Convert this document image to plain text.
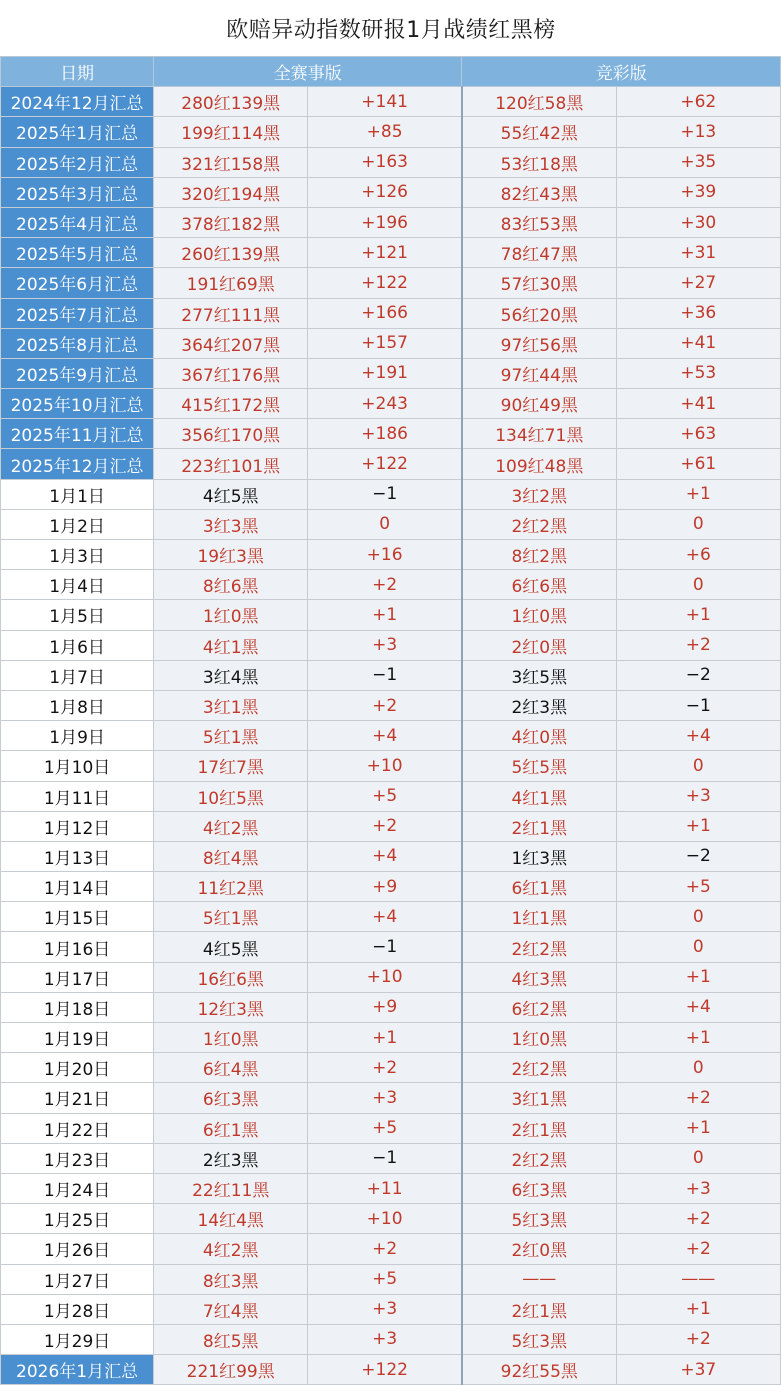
欧赔异动指数研报1月战绩红黑榜
日期	全赛事版		竞彩版	
2024年12月汇总	280红139黑	+141	120红58黑	+62
2025年1月汇总	199红114黑	+85	55红42黑	+13
2025年2月汇总	321红158黑	+163	53红18黑	+35
2025年3月汇总	320红194黑	+126	82红43黑	+39
2025年4月汇总	378红182黑	+196	83红53黑	+30
2025年5月汇总	260红139黑	+121	78红47黑	+31
2025年6月汇总	191红69黑	+122	57红30黑	+27
2025年7月汇总	277红111黑	+166	56红20黑	+36
2025年8月汇总	364红207黑	+157	97红56黑	+41
2025年9月汇总	367红176黑	+191	97红44黑	+53
2025年10月汇总	415红172黑	+243	90红49黑	+41
2025年11月汇总	356红170黑	+186	134红71黑	+63
2025年12月汇总	223红101黑	+122	109红48黑	+61
1月1日	4红5黑	−1	3红2黑	+1
1月2日	3红3黑	0	2红2黑	0
1月3日	19红3黑	+16	8红2黑	+6
1月4日	8红6黑	+2	6红6黑	0
1月5日	1红0黑	+1	1红0黑	+1
1月6日	4红1黑	+3	2红0黑	+2
1月7日	3红4黑	−1	3红5黑	−2
1月8日	3红1黑	+2	2红3黑	−1
1月9日	5红1黑	+4	4红0黑	+4
1月10日	17红7黑	+10	5红5黑	0
1月11日	10红5黑	+5	4红1黑	+3
1月12日	4红2黑	+2	2红1黑	+1
1月13日	8红4黑	+4	1红3黑	−2
1月14日	11红2黑	+9	6红1黑	+5
1月15日	5红1黑	+4	1红1黑	0
1月16日	4红5黑	−1	2红2黑	0
1月17日	16红6黑	+10	4红3黑	+1
1月18日	12红3黑	+9	6红2黑	+4
1月19日	1红0黑	+1	1红0黑	+1
1月20日	6红4黑	+2	2红2黑	0
1月21日	6红3黑	+3	3红1黑	+2
1月22日	6红1黑	+5	2红1黑	+1
1月23日	2红3黑	−1	2红2黑	0
1月24日	22红11黑	+11	6红3黑	+3
1月25日	14红4黑	+10	5红3黑	+2
1月26日	4红2黑	+2	2红0黑	+2
1月27日	8红3黑	+5	——	——
1月28日	7红4黑	+3	2红1黑	+1
1月29日	8红5黑	+3	5红3黑	+2
2026年1月汇总	221红99黑	+122	92红55黑	+37
